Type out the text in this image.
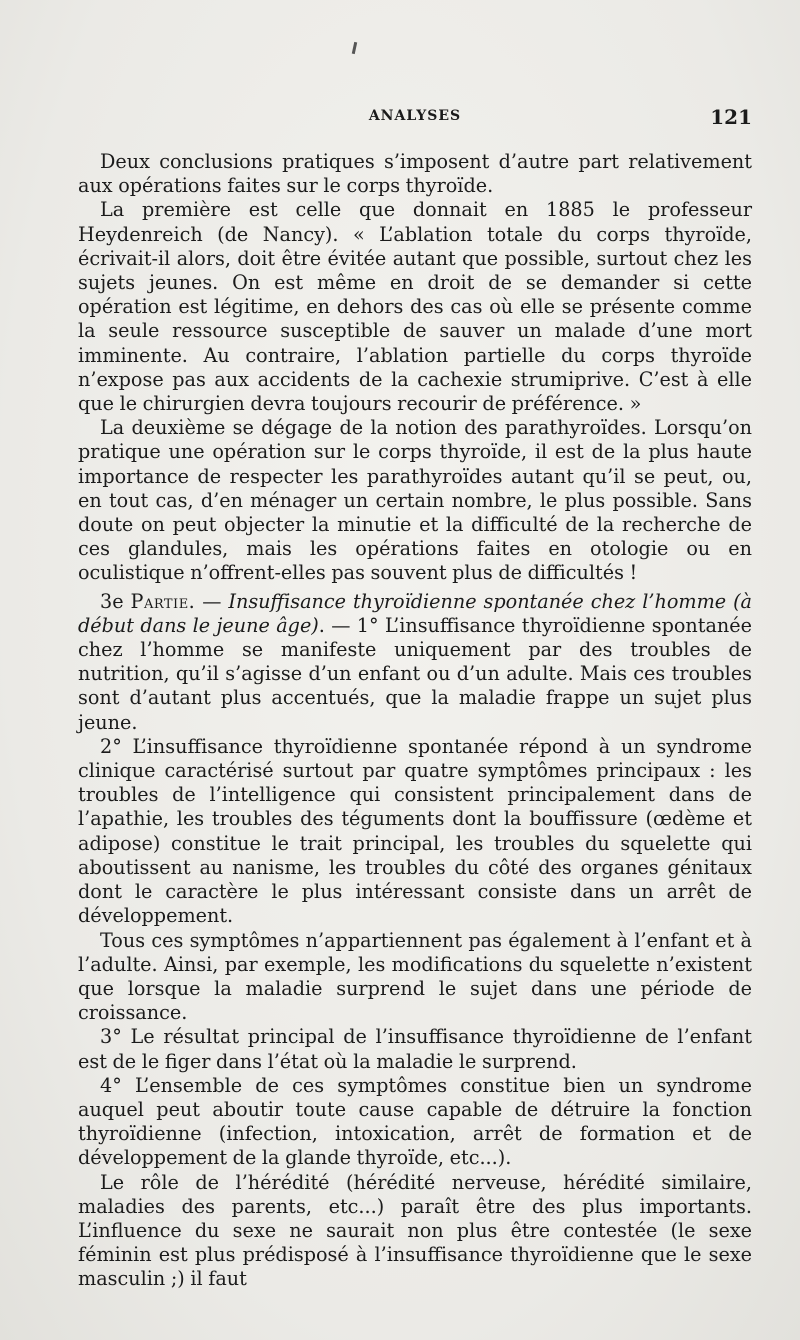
ANALYSES	121

Deux conclusions pratiques s’imposent d’autre part relativement aux opérations faites sur le corps thyroïde.

La première est celle que donnait en 1885 le professeur Heydenreich (de Nancy). « L’ablation totale du corps thyroïde, écrivait-il alors, doit être évitée autant que possible, surtout chez les sujets jeunes. On est même en droit de se demander si cette opération est légitime, en dehors des cas où elle se présente comme la seule ressource susceptible de sauver un malade d’une mort imminente. Au contraire, l’ablation partielle du corps thyroïde n’expose pas aux accidents de la cachexie strumiprive. C’est à elle que le chirurgien devra toujours recourir de préférence. »

La deuxième se dégage de la notion des parathyroïdes. Lorsqu’on pratique une opération sur le corps thyroïde, il est de la plus haute importance de respecter les parathyroïdes autant qu’il se peut, ou, en tout cas, d’en ménager un certain nombre, le plus possible. Sans doute on peut objecter la minutie et la difficulté de la recherche de ces glandules, mais les opérations faites en otologie ou en oculistique n’offrent-elles pas souvent plus de difficultés !

3e Partie. — Insuffisance thyroïdienne spontanée chez l’homme (à début dans le jeune âge). — 1° L’insuffisance thyroïdienne spontanée chez l’homme se manifeste uniquement par des troubles de nutrition, qu’il s’agisse d’un enfant ou d’un adulte. Mais ces troubles sont d’autant plus accentués, que la maladie frappe un sujet plus jeune.

2° L’insuffisance thyroïdienne spontanée répond à un syndrome clinique caractérisé surtout par quatre symptômes principaux : les troubles de l’intelligence qui consistent principalement dans de l’apathie, les troubles des téguments dont la bouffissure (œdème et adipose) constitue le trait principal, les troubles du squelette qui aboutissent au nanisme, les troubles du côté des organes génitaux dont le caractère le plus intéressant consiste dans un arrêt de développement.

Tous ces symptômes n’appartiennent pas également à l’enfant et à l’adulte. Ainsi, par exemple, les modifications du squelette n’existent que lorsque la maladie surprend le sujet dans une période de croissance.

3° Le résultat principal de l’insuffisance thyroïdienne de l’enfant est de le figer dans l’état où la maladie le surprend.

4° L’ensemble de ces symptômes constitue bien un syndrome auquel peut aboutir toute cause capable de détruire la fonction thyroïdienne (infection, intoxication, arrêt de formation et de développement de la glande thyroïde, etc...).

Le rôle de l’hérédité (hérédité nerveuse, hérédité similaire, maladies des parents, etc...) paraît être des plus importants. L’influence du sexe ne saurait non plus être contestée (le sexe féminin est plus prédisposé à l’insuffisance thyroïdienne que le sexe masculin ;) il faut
